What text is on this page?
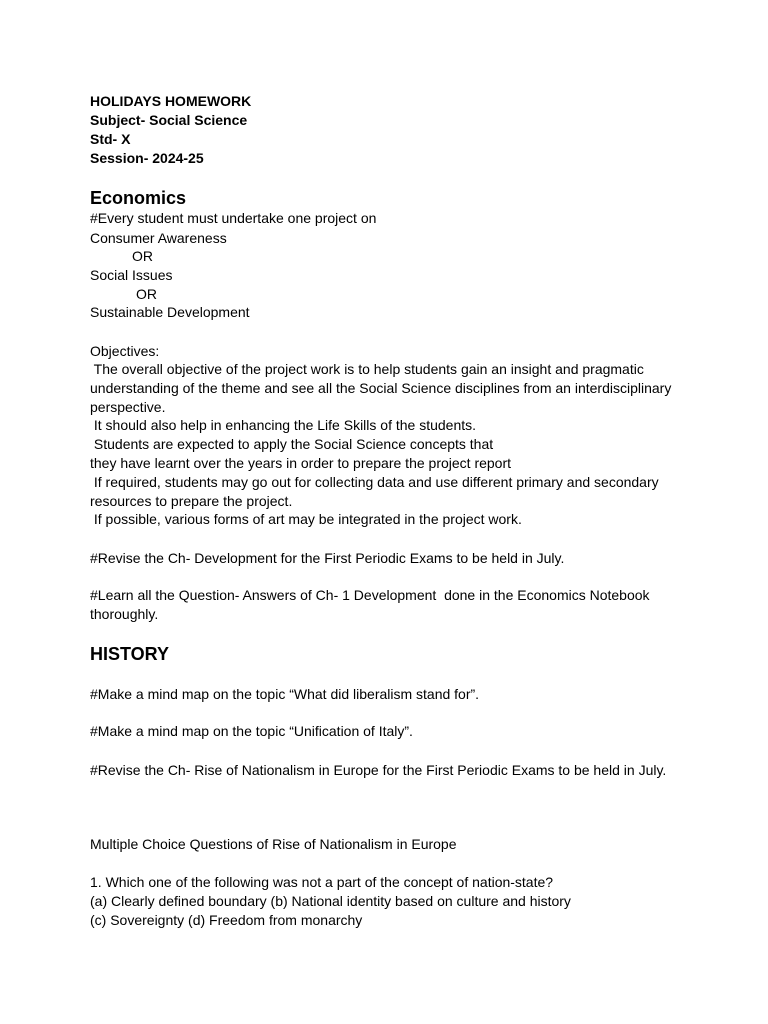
HOLIDAYS HOMEWORK

Subject- Social Science

Std- X

Session- 2024-25

Economics

#Every student must undertake one project on

Consumer Awareness

OR

Social Issues

OR

Sustainable Development

Objectives:

The overall objective of the project work is to help students gain an insight and pragmatic

understanding of the theme and see all the Social Science disciplines from an interdisciplinary

perspective.

It should also help in enhancing the Life Skills of the students.

Students are expected to apply the Social Science concepts that

they have learnt over the years in order to prepare the project report

If required, students may go out for collecting data and use different primary and secondary

resources to prepare the project.

If possible, various forms of art may be integrated in the project work.

#Revise the Ch- Development for the First Periodic Exams to be held in July.

#Learn all the Question- Answers of Ch- 1 Development  done in the Economics Notebook

thoroughly.

HISTORY

#Make a mind map on the topic “What did liberalism stand for”.

#Make a mind map on the topic “Unification of Italy”.

#Revise the Ch- Rise of Nationalism in Europe for the First Periodic Exams to be held in July.

Multiple Choice Questions of Rise of Nationalism in Europe

1. Which one of the following was not a part of the concept of nation-state?

(a) Clearly defined boundary (b) National identity based on culture and history

(c) Sovereignty (d) Freedom from monarchy
